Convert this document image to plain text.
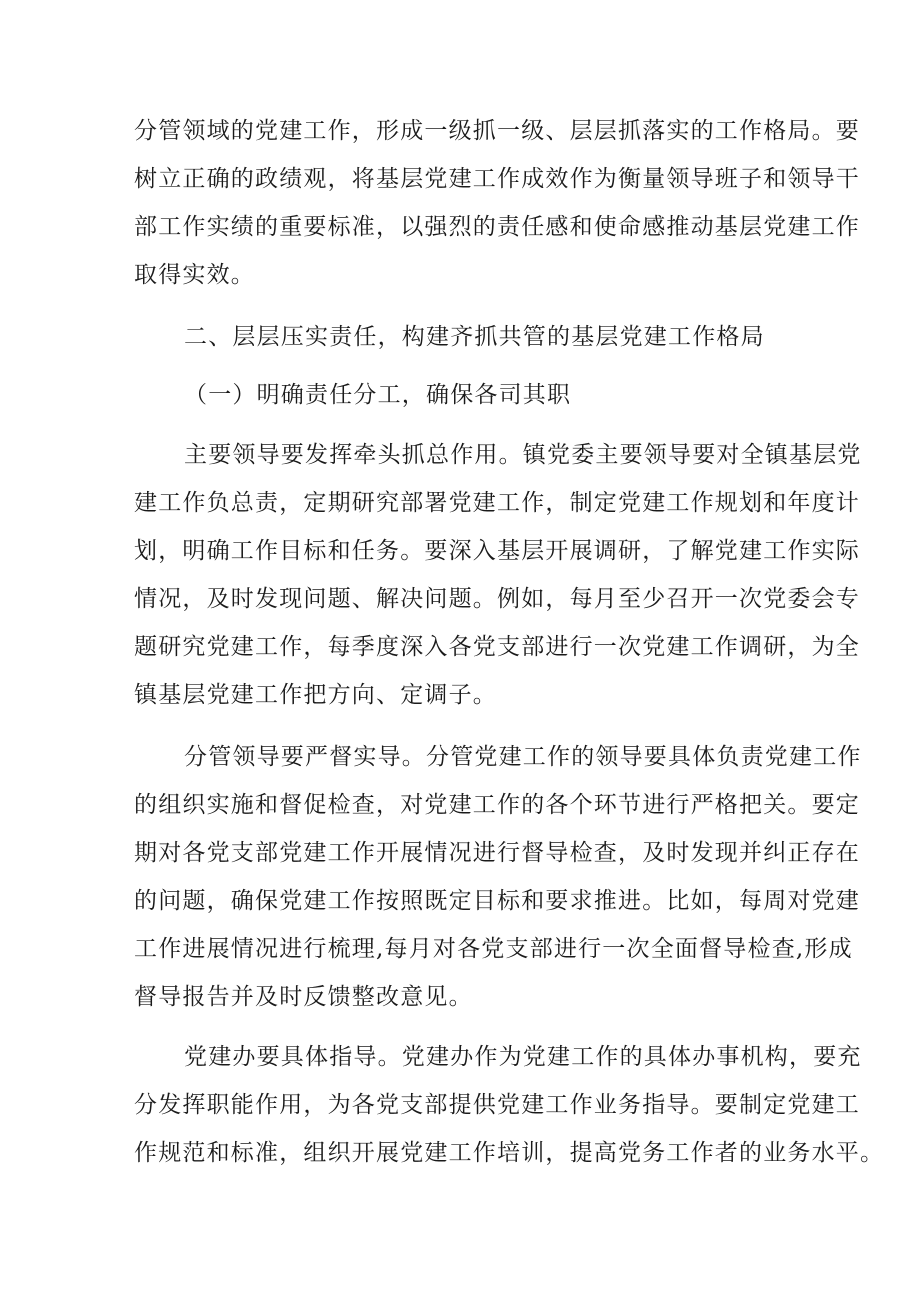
分管领域的党建工作，形成一级抓一级、层层抓落实的工作格局。要
树立正确的政绩观，将基层党建工作成效作为衡量领导班子和领导干
部工作实绩的重要标准，以强烈的责任感和使命感推动基层党建工作
取得实效。
二、层层压实责任，构建齐抓共管的基层党建工作格局
（一）明确责任分工，确保各司其职
主要领导要发挥牵头抓总作用。镇党委主要领导要对全镇基层党
建工作负总责，定期研究部署党建工作，制定党建工作规划和年度计
划，明确工作目标和任务。要深入基层开展调研，了解党建工作实际
情况，及时发现问题、解决问题。例如，每月至少召开一次党委会专
题研究党建工作，每季度深入各党支部进行一次党建工作调研，为全
镇基层党建工作把方向、定调子。
分管领导要严督实导。分管党建工作的领导要具体负责党建工作
的组织实施和督促检查，对党建工作的各个环节进行严格把关。要定
期对各党支部党建工作开展情况进行督导检查，及时发现并纠正存在
的问题，确保党建工作按照既定目标和要求推进。比如，每周对党建
工作进展情况进行梳理,每月对各党支部进行一次全面督导检查,形成
督导报告并及时反馈整改意见。
党建办要具体指导。党建办作为党建工作的具体办事机构，要充
分发挥职能作用，为各党支部提供党建工作业务指导。要制定党建工
作规范和标准，组织开展党建工作培训，提高党务工作者的业务水平。
